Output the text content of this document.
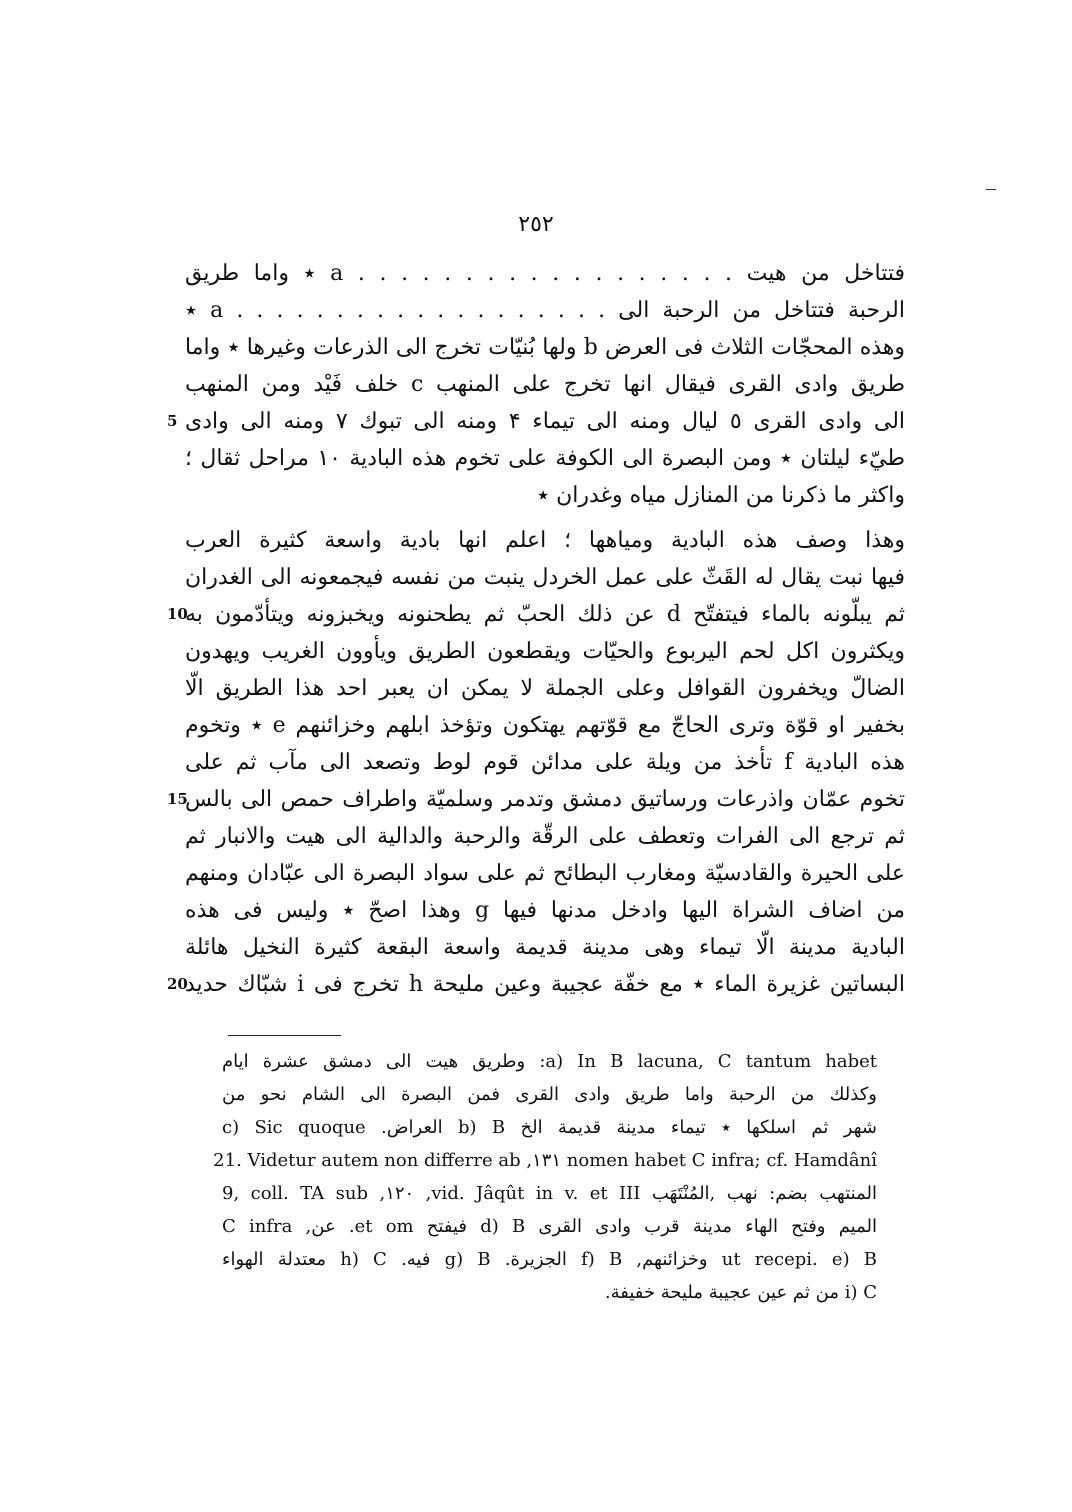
٢٥٢
فتتاخل من هيت . . . . . . . . . . . . . . . . . . a ٭ واما طريق
الرحبة فتتاخل من الرحبة الى . . . . . . . . . . . . . . . . . . . a ٭
وهذه المحجّات الثلاث فى العرض b ولها بُنيّات تخرج الى الذرعات وغيرها ٭ واما
طريق وادى القرى فيقال انها تخرج على المنهب c خلف فَيْد ومن المنهب
الى وادى القرى ٥ ليال ومنه الى تيماء ۴ ومنه الى تبوك ٧ ومنه الى وادى
5
طيّء ليلتان ٭ ومن البصرة الى الكوفة على تخوم هذه البادية ١٠ مراحل ثقال ؛
واكثر ما ذكرنا من المنازل مياه وغدران ٭
وهذا وصف هذه البادية ومياهها ؛ اعلم انها بادية واسعة كثيرة العرب
فيها نبت يقال له القَثّ على عمل الخردل ينبت من نفسه فيجمعونه الى الغدران
ثم يبلّونه بالماء فيتفتّح d عن ذلك الحبّ ثم يطحنونه ويخبزونه ويتأدّمون به
10
ويكثرون اكل لحم اليربوع والحيّات ويقطعون الطريق ويأوون الغريب ويهدون
الضالّ ويخفرون القوافل وعلى الجملة لا يمكن ان يعبر احد هذا الطريق الّا
بخفير او قوّة وترى الحاجّ مع قوّتهم يهتكون وتؤخذ ابلهم وخزائنهم e ٭ وتخوم
هذه البادية f تأخذ من ويلة على مدائن قوم لوط وتصعد الى مآب ثم على
تخوم عمّان واذرعات ورساتيق دمشق وتدمر وسلميّة واطراف حمص الى بالس
15
ثم ترجع الى الفرات وتعطف على الرقّة والرحبة والدالية الى هيت والانبار ثم
على الحيرة والقادسيّة ومغارب البطائح ثم على سواد البصرة الى عبّادان ومنهم
من اضاف الشراة اليها وادخل مدنها فيها g وهذا اصحّ ٭ وليس فى هذه
البادية مدينة الّا تيماء وهى مدينة قديمة واسعة البقعة كثيرة النخيل هائلة
البساتين غزيرة الماء ٭ مع خفّة عجيبة وعين مليحة h تخرج فى i شبّاك حديد
20
a) In B lacuna, C tantum habet: وطريق هيت الى دمشق عشرة ايام
وكذلك من الرحبة واما طريق وادى القرى فمن البصرة الى الشام نحو من
شهر ثم اسلكها ٭ تيماء مدينة قديمة الخ b) B العراض. c) Sic quoque
nomen habet C infra; cf. Hamdânî ١٣١, 21. Videtur autem non differre ab
المنتهب بضم: نهب ,المُنْتَهَب vid. Jâqût in v. et III, ١٢٠, 9, coll. TA sub
الميم وفتح الهاء مدينة قرب وادى القرى d) B فيفتح et om. عن, C infra
ut recepi. e) B وخزائنهم, f) B الجزيرة. g) B فيه. h) C معتدلة الهواء
i) C من ثم عين عجيبة مليحة خفيفة.
